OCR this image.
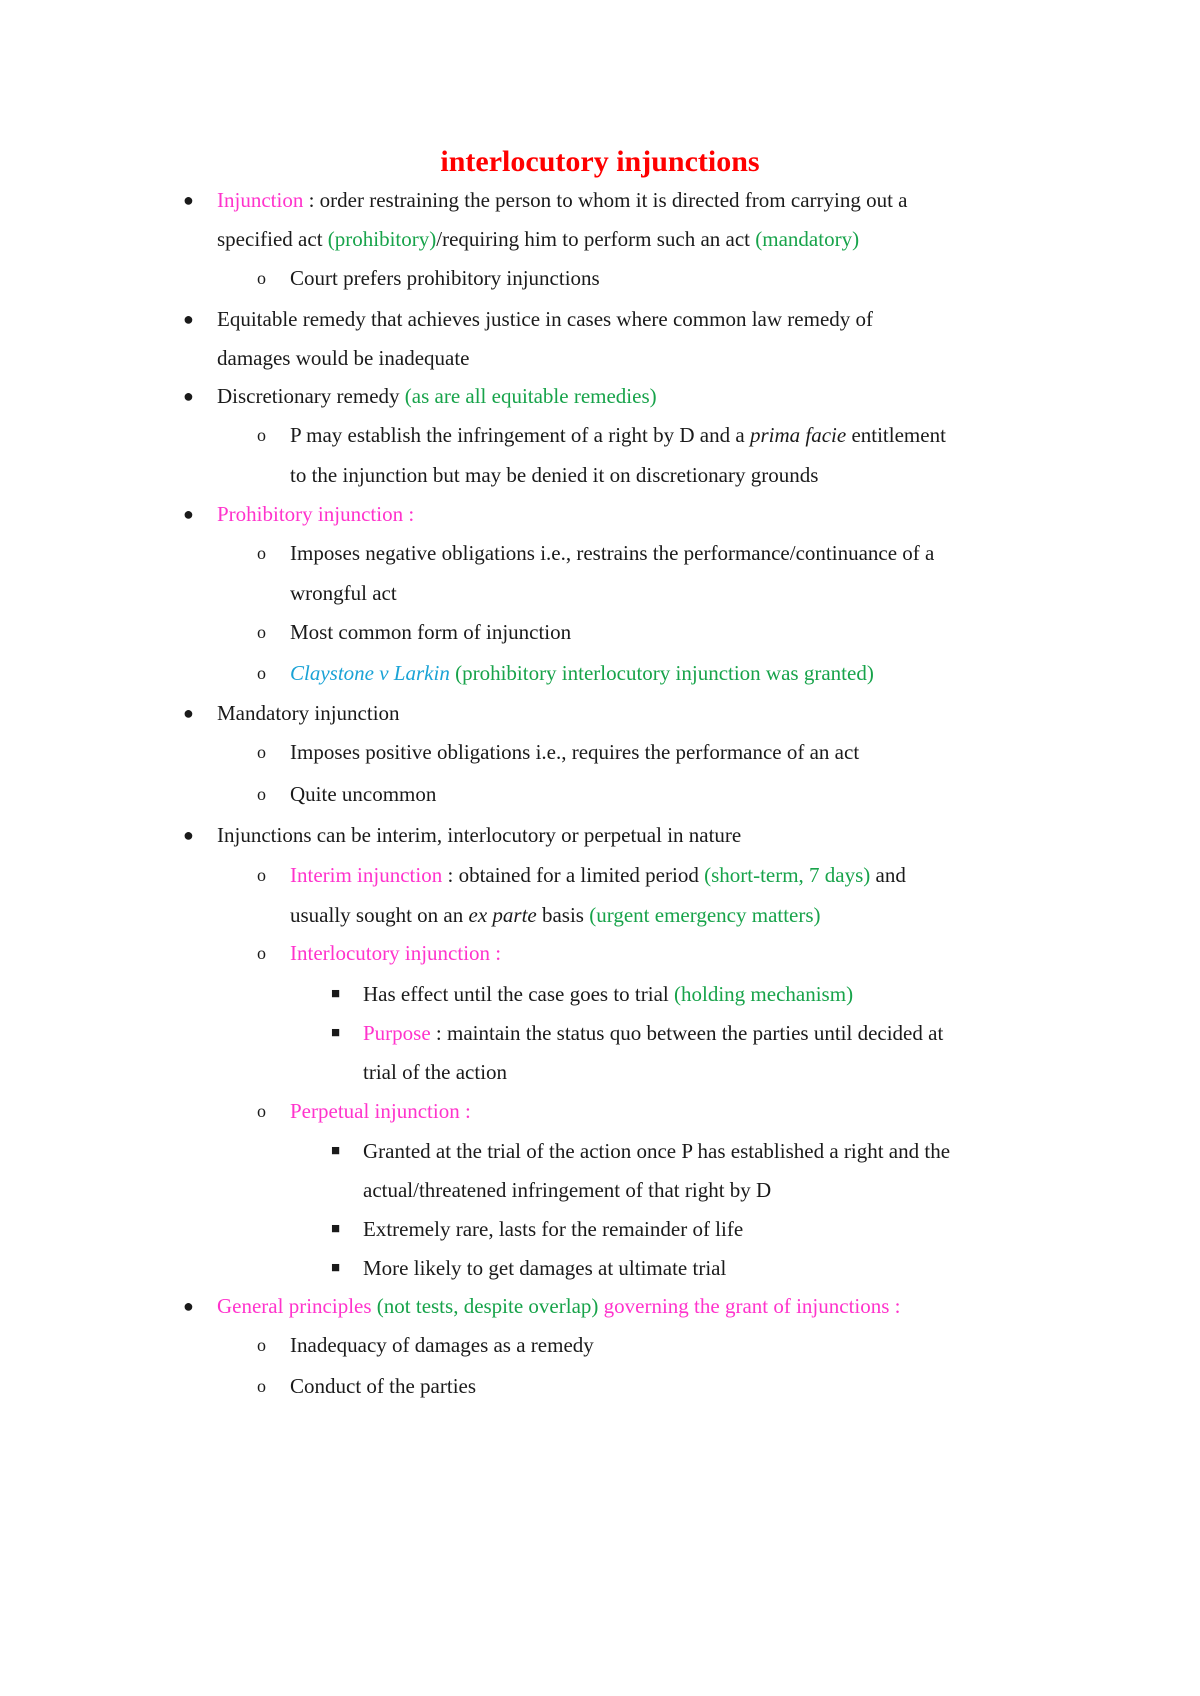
interlocutory injunctions
● Injunction : order restraining the person to whom it is directed from carrying out a
specified act (prohibitory)/requiring him to perform such an act (mandatory)
o Court prefers prohibitory injunctions
● Equitable remedy that achieves justice in cases where common law remedy of
damages would be inadequate
● Discretionary remedy (as are all equitable remedies)
o P may establish the infringement of a right by D and a prima facie entitlement
to the injunction but may be denied it on discretionary grounds
● Prohibitory injunction :
o Imposes negative obligations i.e., restrains the performance/continuance of a
wrongful act
o Most common form of injunction
o Claystone v Larkin (prohibitory interlocutory injunction was granted)
● Mandatory injunction
o Imposes positive obligations i.e., requires the performance of an act
o Quite uncommon
● Injunctions can be interim, interlocutory or perpetual in nature
o Interim injunction : obtained for a limited period (short-term, 7 days) and
usually sought on an ex parte basis (urgent emergency matters)
o Interlocutory injunction :
■ Has effect until the case goes to trial (holding mechanism)
■ Purpose : maintain the status quo between the parties until decided at
trial of the action
o Perpetual injunction :
■ Granted at the trial of the action once P has established a right and the
actual/threatened infringement of that right by D
■ Extremely rare, lasts for the remainder of life
■ More likely to get damages at ultimate trial
● General principles (not tests, despite overlap) governing the grant of injunctions :
o Inadequacy of damages as a remedy
o Conduct of the parties
